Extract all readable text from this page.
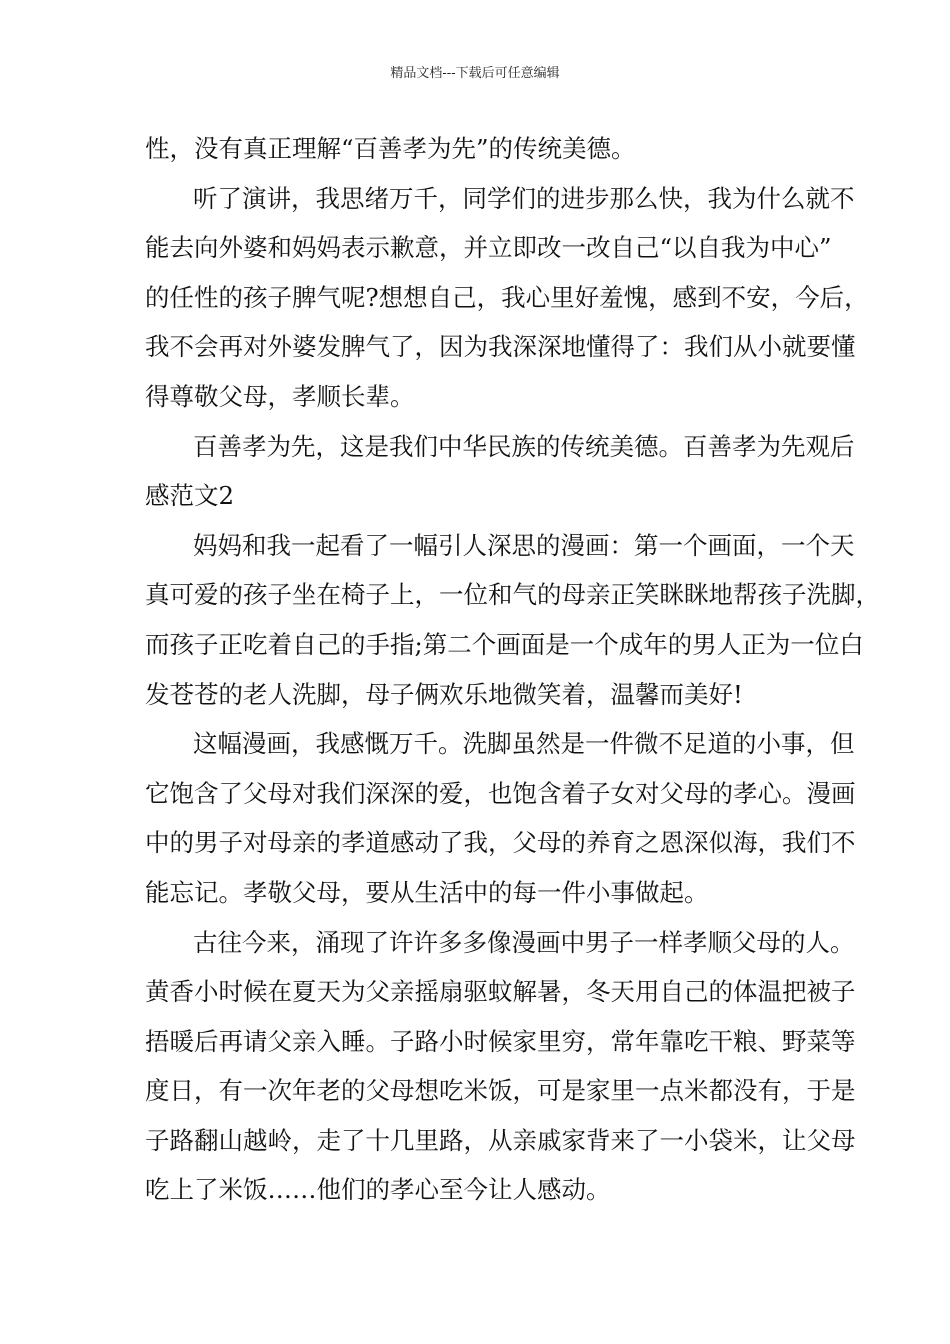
精品文档---下载后可任意编辑
性，没有真正理解“百善孝为先”的传统美德。
听了演讲，我思绪万千，同学们的进步那么快，我为什么就不
能去向外婆和妈妈表示歉意，并立即改一改自己“以自我为中心”
的任性的孩子脾气呢?想想自己，我心里好羞愧，感到不安，今后，
我不会再对外婆发脾气了，因为我深深地懂得了：我们从小就要懂
得尊敬父母，孝顺长辈。
百善孝为先，这是我们中华民族的传统美德。百善孝为先观后
感范文2
妈妈和我一起看了一幅引人深思的漫画：第一个画面，一个天
真可爱的孩子坐在椅子上，一位和气的母亲正笑眯眯地帮孩子洗脚，
而孩子正吃着自己的手指;第二个画面是一个成年的男人正为一位白
发苍苍的老人洗脚，母子俩欢乐地微笑着，温馨而美好!
这幅漫画，我感慨万千。洗脚虽然是一件微不足道的小事，但
它饱含了父母对我们深深的爱，也饱含着子女对父母的孝心。漫画
中的男子对母亲的孝道感动了我，父母的养育之恩深似海，我们不
能忘记。孝敬父母，要从生活中的每一件小事做起。
古往今来，涌现了许许多多像漫画中男子一样孝顺父母的人。
黄香小时候在夏天为父亲摇扇驱蚊解暑，冬天用自己的体温把被子
捂暖后再请父亲入睡。子路小时候家里穷，常年靠吃干粮、野菜等
度日，有一次年老的父母想吃米饭，可是家里一点米都没有，于是
子路翻山越岭，走了十几里路，从亲戚家背来了一小袋米，让父母
吃上了米饭……他们的孝心至今让人感动。
